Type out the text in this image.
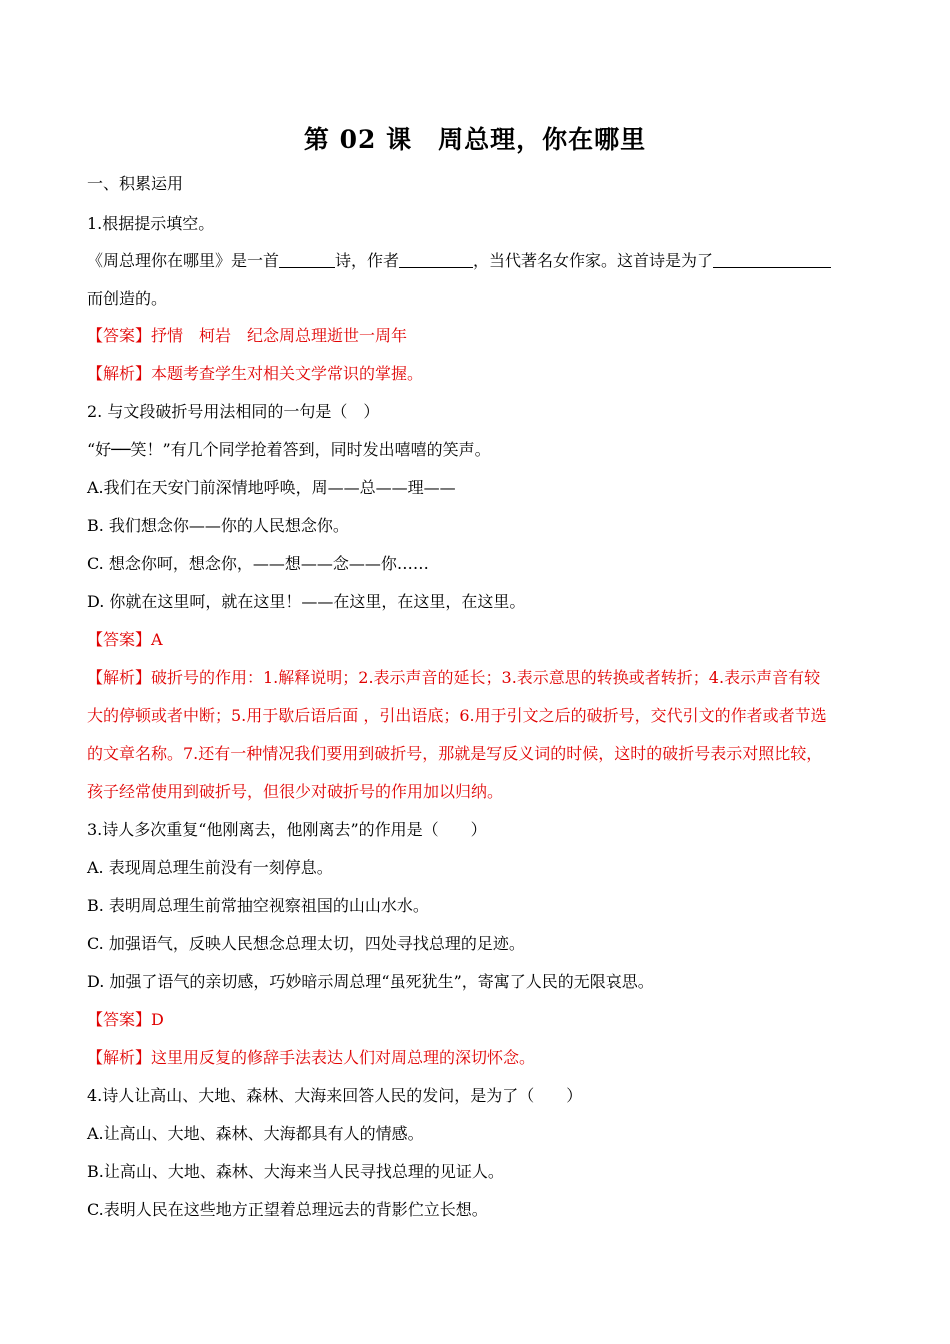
第 02 课　周总理，你在哪里
一、积累运用
1.根据提示填空。
《周总理你在哪里》是一首	诗，作者	，当代著名女作家。这首诗是为了
而创造的。
【答案】抒情　柯岩　纪念周总理逝世一周年
【解析】本题考查学生对相关文学常识的掌握。
2. 与文段破折号用法相同的一句是（　）
“好──笑！”有几个同学抢着答到，同时发出嘻嘻的笑声。
A.我们在天安门前深情地呼唤，周——总——理——
B. 我们想念你——你的人民想念你。
C. 想念你呵，想念你，——想——念——你……
D. 你就在这里呵，就在这里！——在这里，在这里，在这里。
【答案】A
【解析】破折号的作用：1.解释说明；2.表示声音的延长；3.表示意思的转换或者转折；4.表示声音有较
大的停顿或者中断；5.用于歇后语后面 ，引出语底；6.用于引文之后的破折号，交代引文的作者或者节选
的文章名称。7.还有一种情况我们要用到破折号，那就是写反义词的时候，这时的破折号表示对照比较，
孩子经常使用到破折号，但很少对破折号的作用加以归纳。
3.诗人多次重复“他刚离去，他刚离去”的作用是（　　）
A. 表现周总理生前没有一刻停息。
B. 表明周总理生前常抽空视察祖国的山山水水。
C. 加强语气，反映人民想念总理太切，四处寻找总理的足迹。
D. 加强了语气的亲切感，巧妙暗示周总理“虽死犹生”，寄寓了人民的无限哀思。
【答案】D
【解析】这里用反复的修辞手法表达人们对周总理的深切怀念。
4.诗人让高山、大地、森林、大海来回答人民的发问，是为了（　　）
A.让高山、大地、森林、大海都具有人的情感。
B.让高山、大地、森林、大海来当人民寻找总理的见证人。
C.表明人民在这些地方正望着总理远去的背影伫立长想。
